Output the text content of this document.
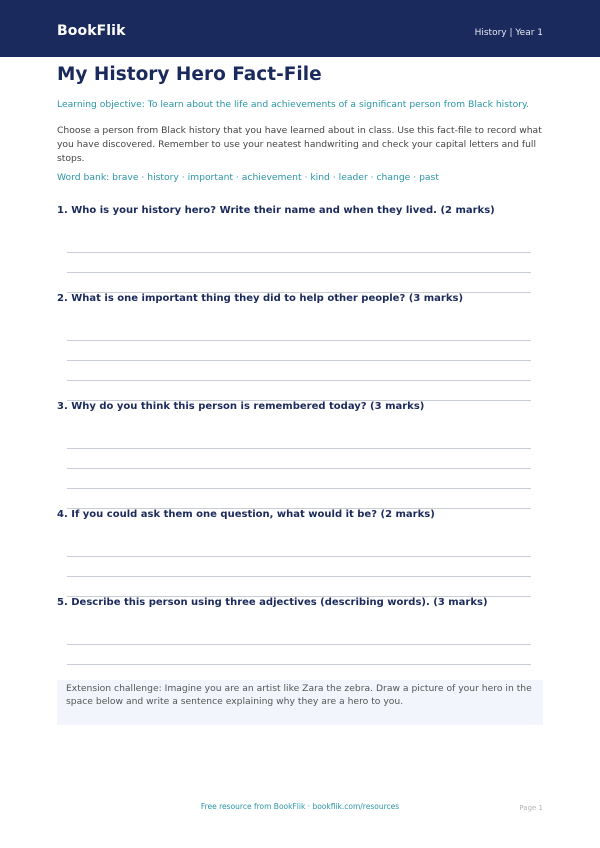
BookFlik	History | Year 1
My History Hero Fact-File
Learning objective: To learn about the life and achievements of a significant person from Black history.
Choose a person from Black history that you have learned about in class. Use this fact-file to record what you have discovered. Remember to use your neatest handwriting and check your capital letters and full stops.
Word bank: brave · history · important · achievement · kind · leader · change · past
1. Who is your history hero? Write their name and when they lived. (2 marks)
2. What is one important thing they did to help other people? (3 marks)
3. Why do you think this person is remembered today? (3 marks)
4. If you could ask them one question, what would it be? (2 marks)
5. Describe this person using three adjectives (describing words). (3 marks)
Extension challenge: Imagine you are an artist like Zara the zebra. Draw a picture of your hero in the space below and write a sentence explaining why they are a hero to you.
Free resource from BookFlik · bookflik.com/resources	Page 1
